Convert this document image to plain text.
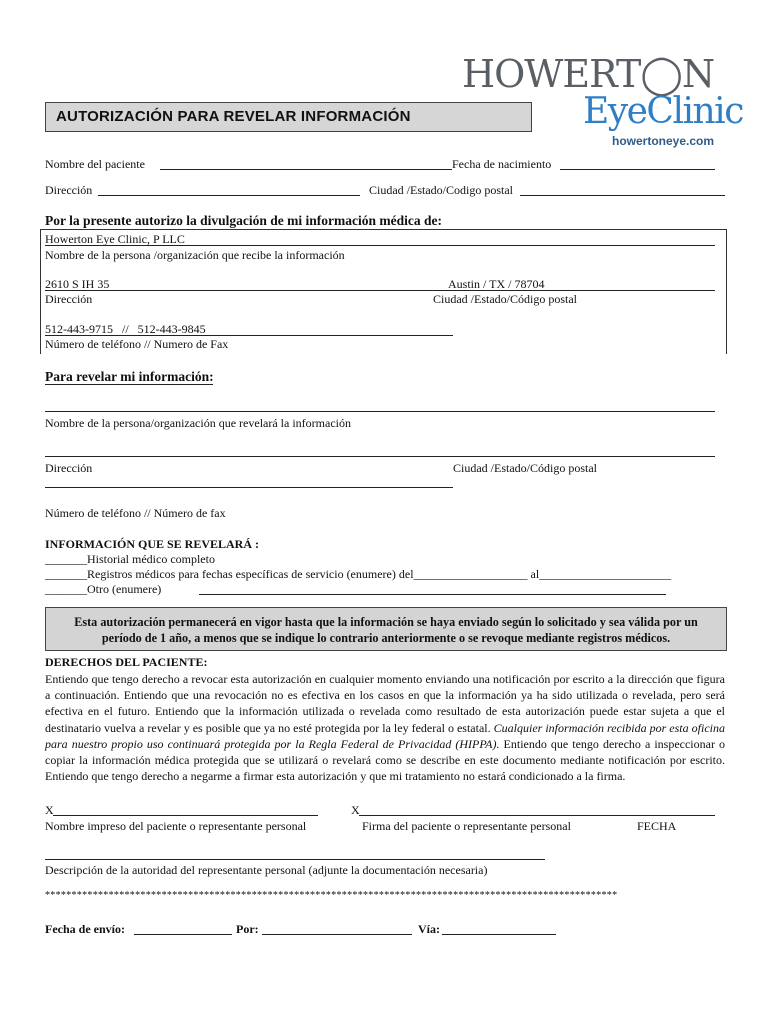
HOWERT◯N
EyeClinic
howertoneye.com
AUTORIZACIÓN PARA REVELAR INFORMACIÓN
Nombre del paciente	Fecha de nacimiento
Dirección	Ciudad /Estado/Codigo postal
Por la presente autorizo la divulgación de mi información médica de:
Howerton Eye Clinic, P LLC
Nombre de la persona /organización que recibe la información
2610 S IH 35	Austin / TX / 78704
Dirección	Ciudad /Estado/Código postal
512-443-9715   //   512-443-9845
Número de teléfono // Numero de Fax
Para revelar mi información:
Nombre de la persona/organización que revelará la información
Dirección	Ciudad /Estado/Código postal
Número de teléfono // Número de fax
INFORMACIÓN QUE SE REVELARÁ :
_______Historial médico completo
_______Registros médicos para fechas específicas de servicio (enumere) del___________________ al______________________
_______Otro (enumere)
Esta autorización permanecerá en vigor hasta que la información se haya enviado según lo solicitado y sea válida por un período de 1 año, a menos que se indique lo contrario anteriormente o se revoque mediante registros médicos.
DERECHOS DEL PACIENTE:
Entiendo que tengo derecho a revocar esta autorización en cualquier momento enviando una notificación por escrito a la dirección que figura a continuación. Entiendo que una revocación no es efectiva en los casos en que la información ya ha sido utilizada o revelada, pero será efectiva en el futuro. Entiendo que la información utilizada o revelada como resultado de esta autorización puede estar sujeta a que el destinatario vuelva a revelar y es posible que ya no esté protegida por la ley federal o estatal. Cualquier información recibida por esta oficina para nuestro propio uso continuará protegida por la Regla Federal de Privacidad (HIPPA). Entiendo que tengo derecho a inspeccionar o copiar la información médica protegida que se utilizará o revelará como se describe en este documento mediante notificación por escrito. Entiendo que tengo derecho a negarme a firmar esta autorización y que mi tratamiento no estará condicionado a la firma.
X
Nombre impreso del paciente o representante personal
X
Firma del paciente o representante personal	FECHA
Descripción de la autoridad del representante personal (adjunte la documentación necesaria)
************************************************************************************************************
Fecha de envío:	Por:	Vía:
